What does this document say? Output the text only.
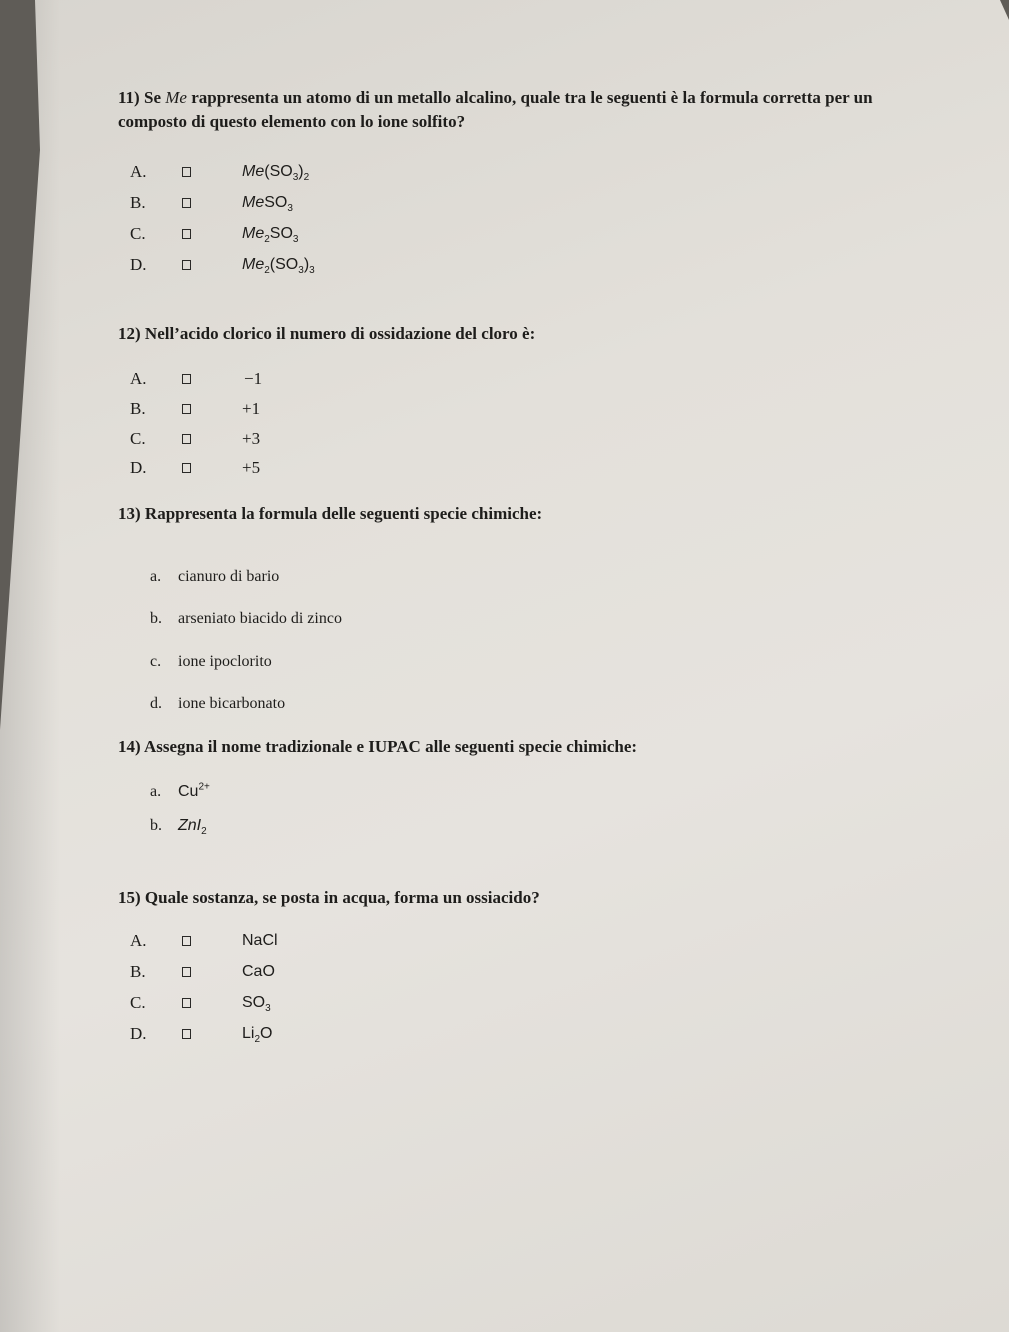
11) Se Me rappresenta un atomo di un metallo alcalino, quale tra le seguenti è la formula corretta per un composto di questo elemento con lo ione solfito?
A.	$Me(SO_3)_2$
B.	MeSO$_3$
C.	$Me_2SO_3$
D.	$Me_2(SO_3)_3$
12) Nell’acido clorico il numero di ossidazione del cloro è:
A.	−1
B.	+1
C.	+3
D.	+5
13) Rappresenta la formula delle seguenti specie chimiche:
a. cianuro di bario
b. arseniato biacido di zinco
c. ione ipoclorito
d. ione bicarbonato
14) Assegna il nome tradizionale e IUPAC alle seguenti specie chimiche:
a. $Cu^{2+}$
b. ZnI$_2$
15) Quale sostanza, se posta in acqua, forma un ossiacido?
A.	NaCl
B.	CaO
C.	$SO_3$
D.	$Li_2O$
